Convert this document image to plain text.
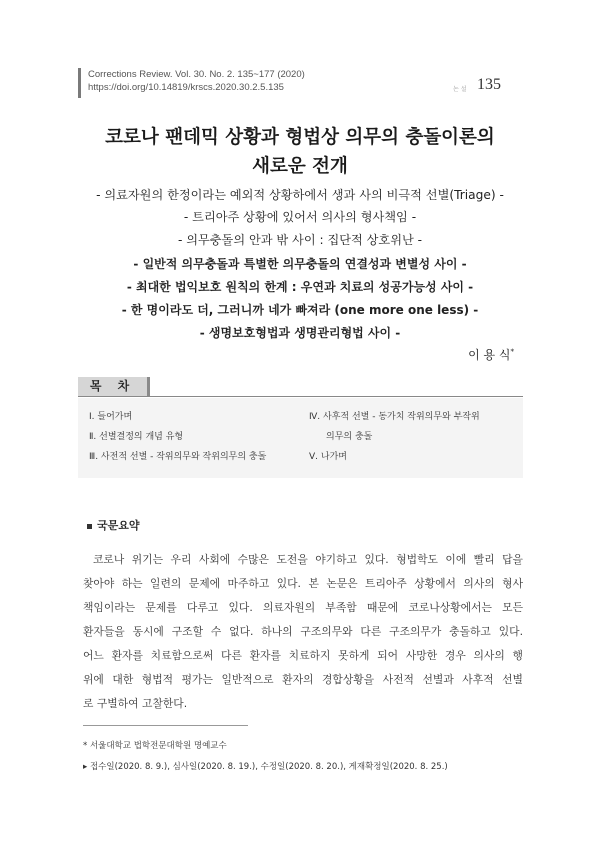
Corrections Review. Vol. 30. No. 2. 135~177 (2020)
https://doi.org/10.14819/krscs.2020.30.2.5.135	논 설 135
코로나 팬데믹 상황과 형법상 의무의 충돌이론의
새로운 전개
- 의료자원의 한정이라는 예외적 상황하에서 생과 사의 비극적 선별(Triage) -
- 트리아주 상황에 있어서 의사의 형사책임 -
- 의무충돌의 안과 밖 사이 : 집단적 상호위난 -
- 일반적 의무충돌과 특별한 의무충돌의 연결성과 변별성 사이 -
- 최대한 법익보호 원칙의 한계 : 우연과 치료의 성공가능성 사이 -
- 한 명이라도 더, 그러니까 네가 빠져라 (one more one less) -
- 생명보호형법과 생명관리형법 사이 -
이 용 식*
목 차
Ⅰ. 들어가며
Ⅱ. 선별결정의 개념 유형
Ⅲ. 사전적 선별 - 작위의무와 작위의무의 충돌
Ⅳ. 사후적 선별 - 동가치 작위의무와 부작위
의무의 충돌
Ⅴ. 나가며
국문요약
코로나 위기는 우리 사회에 수많은 도전을 야기하고 있다. 형법학도 이에 빨리 답을
찾아야 하는 일련의 문제에 마주하고 있다. 본 논문은 트리아주 상황에서 의사의 형사
책임이라는 문제를 다루고 있다. 의료자원의 부족함 때문에 코로나상황에서는 모든
환자들을 동시에 구조할 수 없다. 하나의 구조의무와 다른 구조의무가 충돌하고 있다.
어느 환자를 치료함으로써 다른 환자를 치료하지 못하게 되어 사망한 경우 의사의 행
위에 대한 형법적 평가는 일반적으로 환자의 경합상황을 사전적 선별과 사후적 선별
로 구별하여 고찰한다.
* 서울대학교 법학전문대학원 명예교수
▸ 접수일(2020. 8. 9.), 심사일(2020. 8. 19.), 수정일(2020. 8. 20.), 게재확정일(2020. 8. 25.)
